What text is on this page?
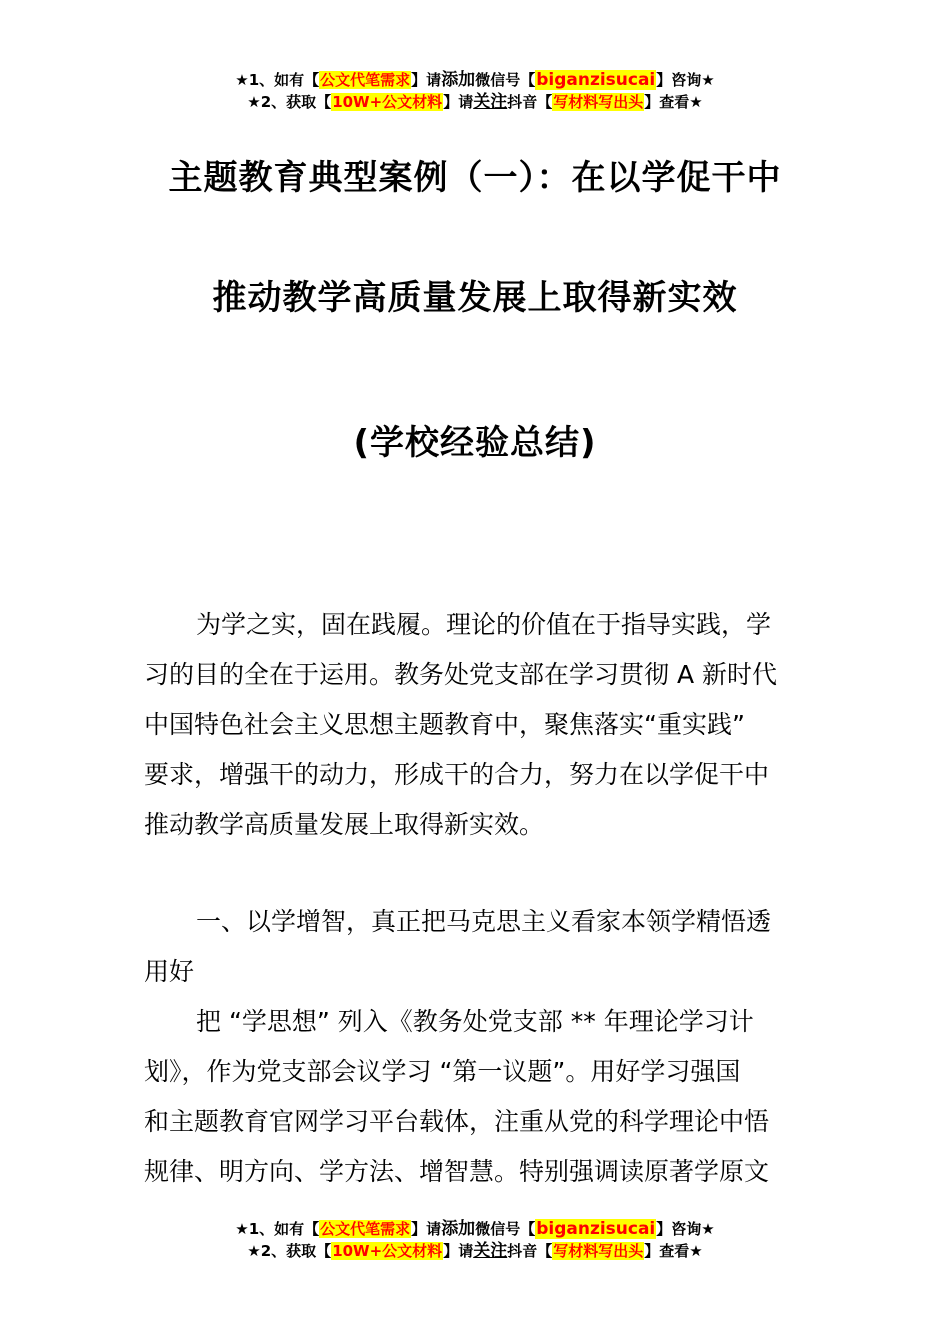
★1、如有【公文代笔需求】请添加微信号【biganzisucai】咨询★
★2、获取【10W+公文材料】请关注抖音【写材料写出头】查看★
主题教育典型案例（一）：在以学促干中
推动教学高质量发展上取得新实效
(学校经验总结)
为学之实，固在践履。理论的价值在于指导实践，学
习的目的全在于运用。教务处党支部在学习贯彻 A 新时代
中国特色社会主义思想主题教育中，聚焦落实“重实践”
要求，增强干的动力，形成干的合力，努力在以学促干中
推动教学高质量发展上取得新实效。
一、以学增智，真正把马克思主义看家本领学精悟透
用好
把 “学思想” 列入《教务处党支部 ** 年理论学习计
划》，作为党支部会议学习 “第一议题”。用好学习强国
和主题教育官网学习平台载体，注重从党的科学理论中悟
规律、明方向、学方法、增智慧。特别强调读原著学原文
★1、如有【公文代笔需求】请添加微信号【biganzisucai】咨询★
★2、获取【10W+公文材料】请关注抖音【写材料写出头】查看★
